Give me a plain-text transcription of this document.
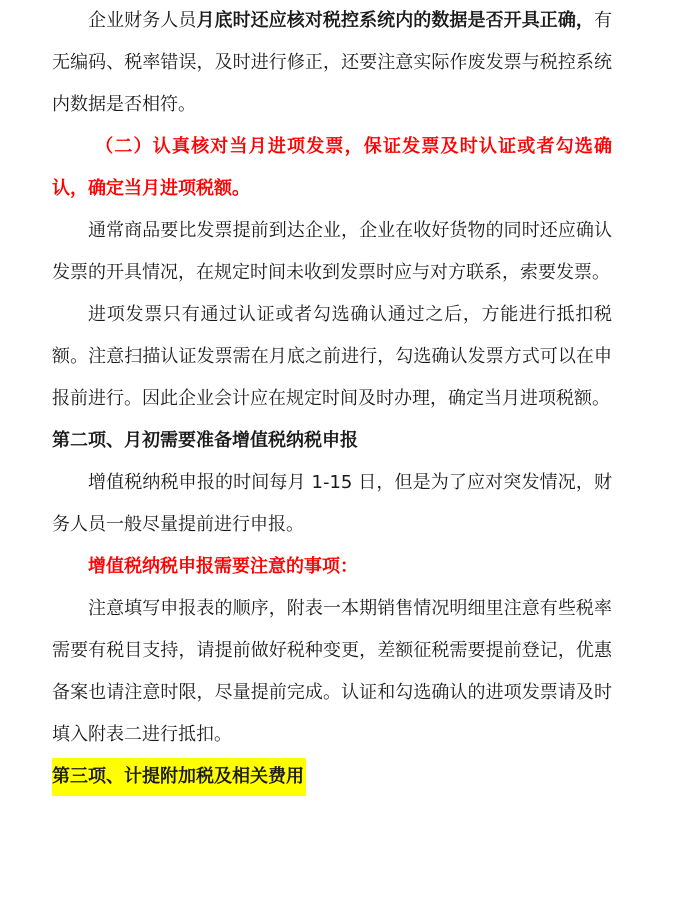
企业财务人员月底时还应核对税控系统内的数据是否开具正确，有无编码、税率错误，及时进行修正，还要注意实际作废发票与税控系统内数据是否相符。

（二）认真核对当月进项发票，保证发票及时认证或者勾选确认，确定当月进项税额。

通常商品要比发票提前到达企业，企业在收好货物的同时还应确认发票的开具情况，在规定时间未收到发票时应与对方联系，索要发票。

进项发票只有通过认证或者勾选确认通过之后，方能进行抵扣税额。注意扫描认证发票需在月底之前进行，勾选确认发票方式可以在申报前进行。因此企业会计应在规定时间及时办理，确定当月进项税额。

第二项、月初需要准备增值税纳税申报

增值税纳税申报的时间每月 1-15 日，但是为了应对突发情况，财务人员一般尽量提前进行申报。

增值税纳税申报需要注意的事项：

注意填写申报表的顺序，附表一本期销售情况明细里注意有些税率需要有税目支持，请提前做好税种变更，差额征税需要提前登记，优惠备案也请注意时限，尽量提前完成。认证和勾选确认的进项发票请及时填入附表二进行抵扣。

第三项、计提附加税及相关费用
